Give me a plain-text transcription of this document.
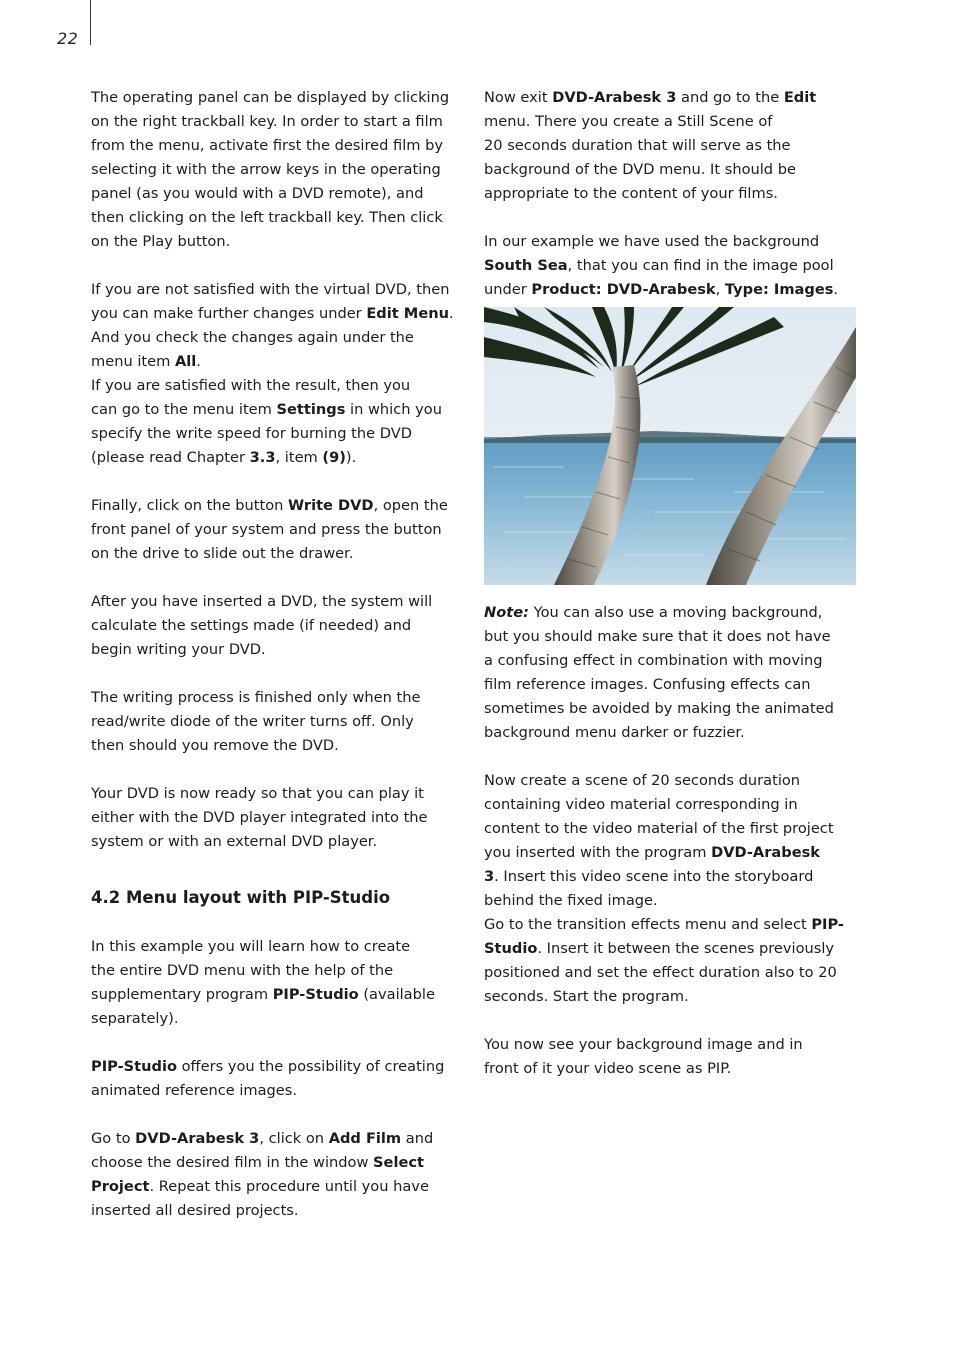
22

The operating panel can be displayed by clicking
on the right trackball key. In order to start a film
from the menu, activate first the desired film by
selecting it with the arrow keys in the operating
panel (as you would with a DVD remote), and
then clicking on the left trackball key. Then click
on the Play button.

If you are not satisfied with the virtual DVD, then
you can make further changes under Edit Menu.
And you check the changes again under the
menu item All.
If you are satisfied with the result, then you
can go to the menu item Settings in which you
specify the write speed for burning the DVD
(please read Chapter 3.3, item (9)).

Finally, click on the button Write DVD, open the
front panel of your system and press the button
on the drive to slide out the drawer.

After you have inserted a DVD, the system will
calculate the settings made (if needed) and
begin writing your DVD.

The writing process is finished only when the
read/write diode of the writer turns off. Only
then should you remove the DVD.

Your DVD is now ready so that you can play it
either with the DVD player integrated into the
system or with an external DVD player.

4.2 Menu layout with PIP-Studio

In this example you will learn how to create
the entire DVD menu with the help of the
supplementary program PIP-Studio (available
separately).

PIP-Studio offers you the possibility of creating
animated reference images.

Go to DVD-Arabesk 3, click on Add Film and
choose the desired film in the window Select
Project. Repeat this procedure until you have
inserted all desired projects.

Now exit DVD-Arabesk 3 and go to the Edit
menu. There you create a Still Scene of
20 seconds duration that will serve as the
background of the DVD menu. It should be
appropriate to the content of your films.

In our example we have used the background
South Sea, that you can find in the image pool
under Product: DVD-Arabesk, Type: Images.

Note: You can also use a moving background,
but you should make sure that it does not have
a confusing effect in combination with moving
film reference images. Confusing effects can
sometimes be avoided by making the animated
background menu darker or fuzzier.

Now create a scene of 20 seconds duration
containing video material corresponding in
content to the video material of the first project
you inserted with the program DVD-Arabesk
3. Insert this video scene into the storyboard
behind the fixed image.
Go to the transition effects menu and select PIP-
Studio. Insert it between the scenes previously
positioned and set the effect duration also to 20
seconds. Start the program.

You now see your background image and in
front of it your video scene as PIP.
